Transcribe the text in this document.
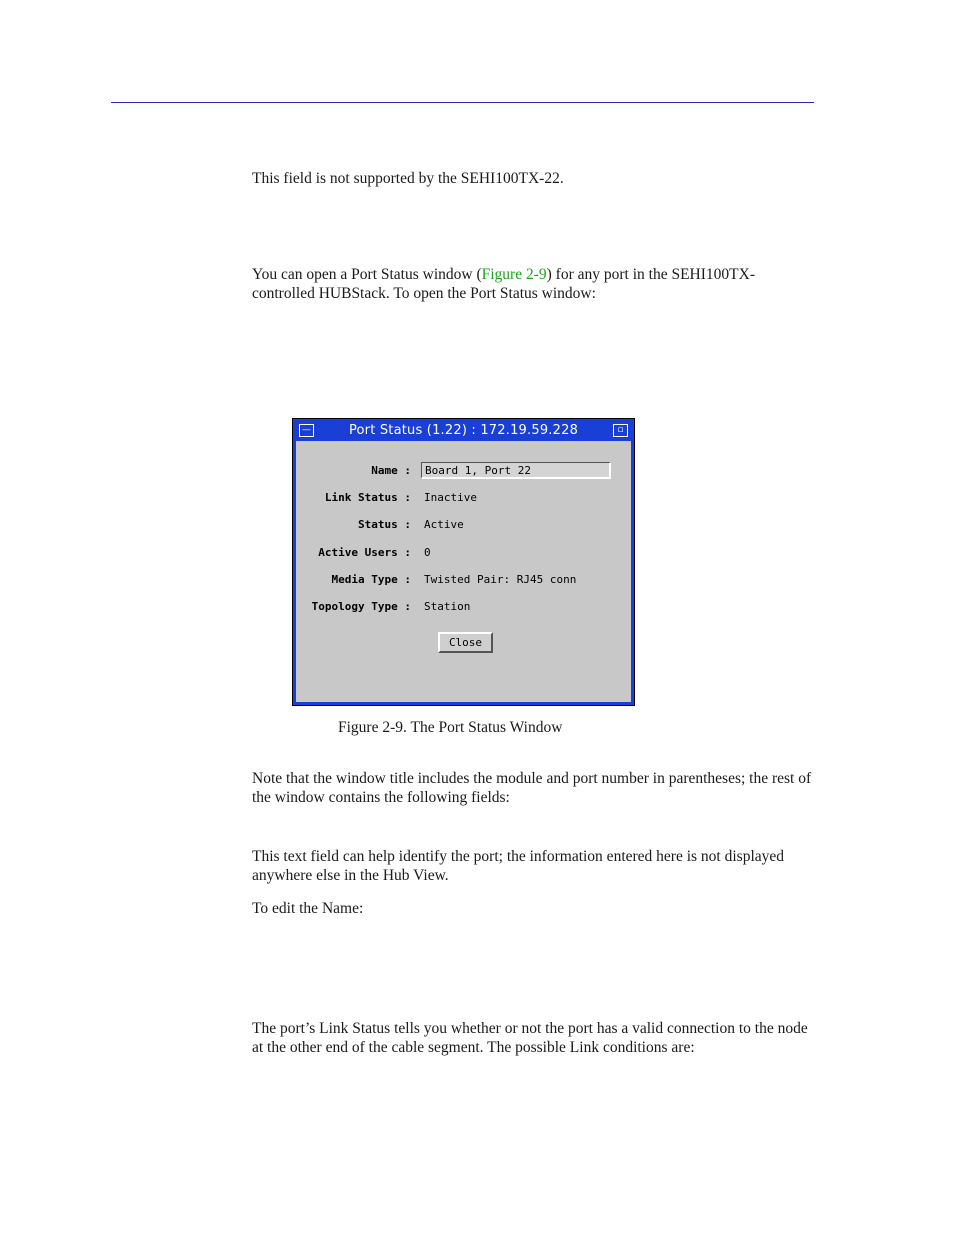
This field is not supported by the SEHI100TX-22.

You can open a Port Status window (Figure 2-9) for any port in the SEHI100TX-controlled HUBStack. To open the Port Status window:

—	Port Status (1.22) : 172.19.59.228	▫
Name :
Board 1, Port 22
Link Status : Inactive
Status : Active
Active Users : 0
Media Type : Twisted Pair: RJ45 conn
Topology Type : Station
Close
Figure 2-9. The Port Status Window

Note that the window title includes the module and port number in parentheses; the rest of the window contains the following fields:

This text field can help identify the port; the information entered here is not displayed anywhere else in the Hub View.

To edit the Name:

The port’s Link Status tells you whether or not the port has a valid connection to the node at the other end of the cable segment. The possible Link conditions are:
